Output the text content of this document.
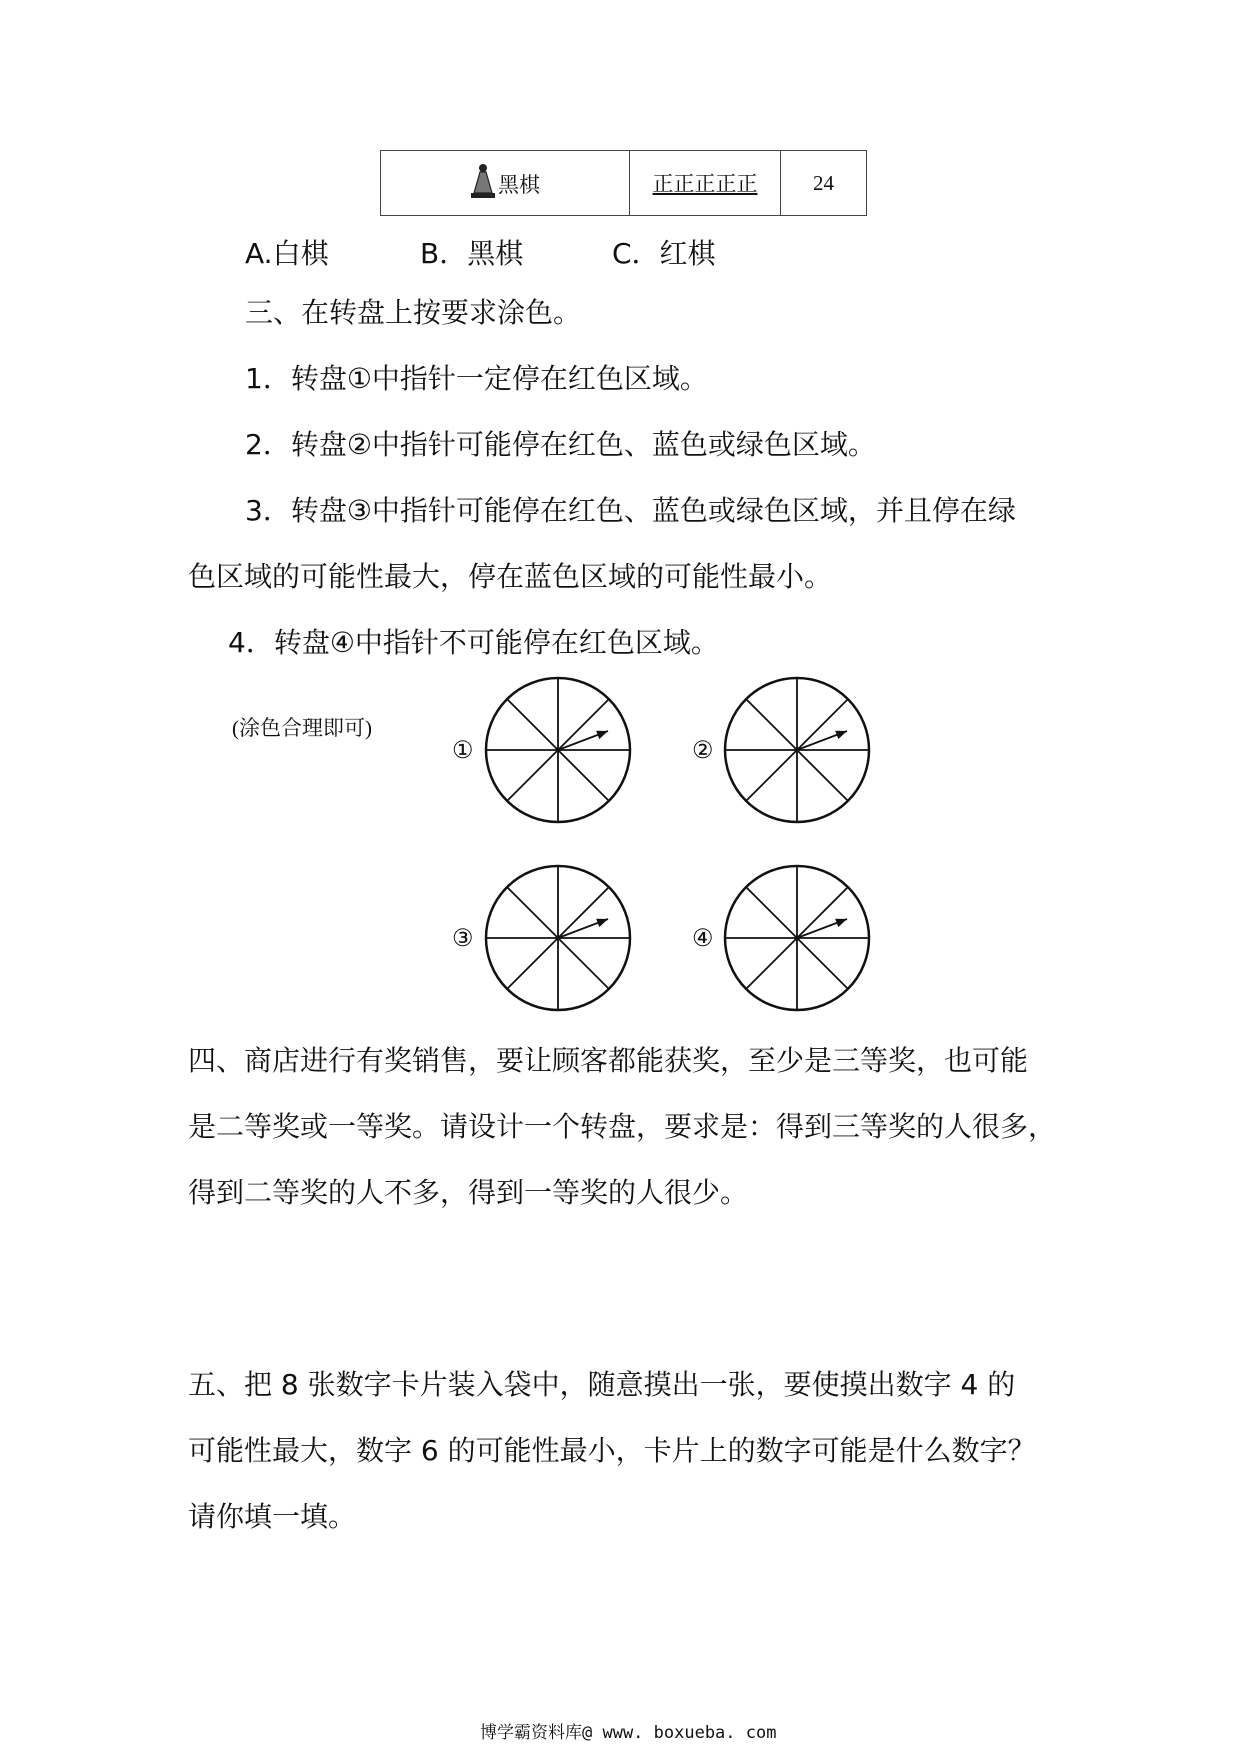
黑棋	正正正正正	24
A.白棋	B．黑棋	C．红棋
三、在转盘上按要求涂色。
1．转盘①中指针一定停在红色区域。
2．转盘②中指针可能停在红色、蓝色或绿色区域。
3．转盘③中指针可能停在红色、蓝色或绿色区域，并且停在绿
色区域的可能性最大，停在蓝色区域的可能性最小。
4．转盘④中指针不可能停在红色区域。
(涂色合理即可)
①	②
③	④
四、商店进行有奖销售，要让顾客都能获奖，至少是三等奖，也可能
是二等奖或一等奖。请设计一个转盘，要求是：得到三等奖的人很多，
得到二等奖的人不多，得到一等奖的人很少。
五、把 8 张数字卡片装入袋中，随意摸出一张，要使摸出数字 4 的
可能性最大，数字 6 的可能性最小，卡片上的数字可能是什么数字？
请你填一填。
博学霸资料库@ www. boxueba. com
